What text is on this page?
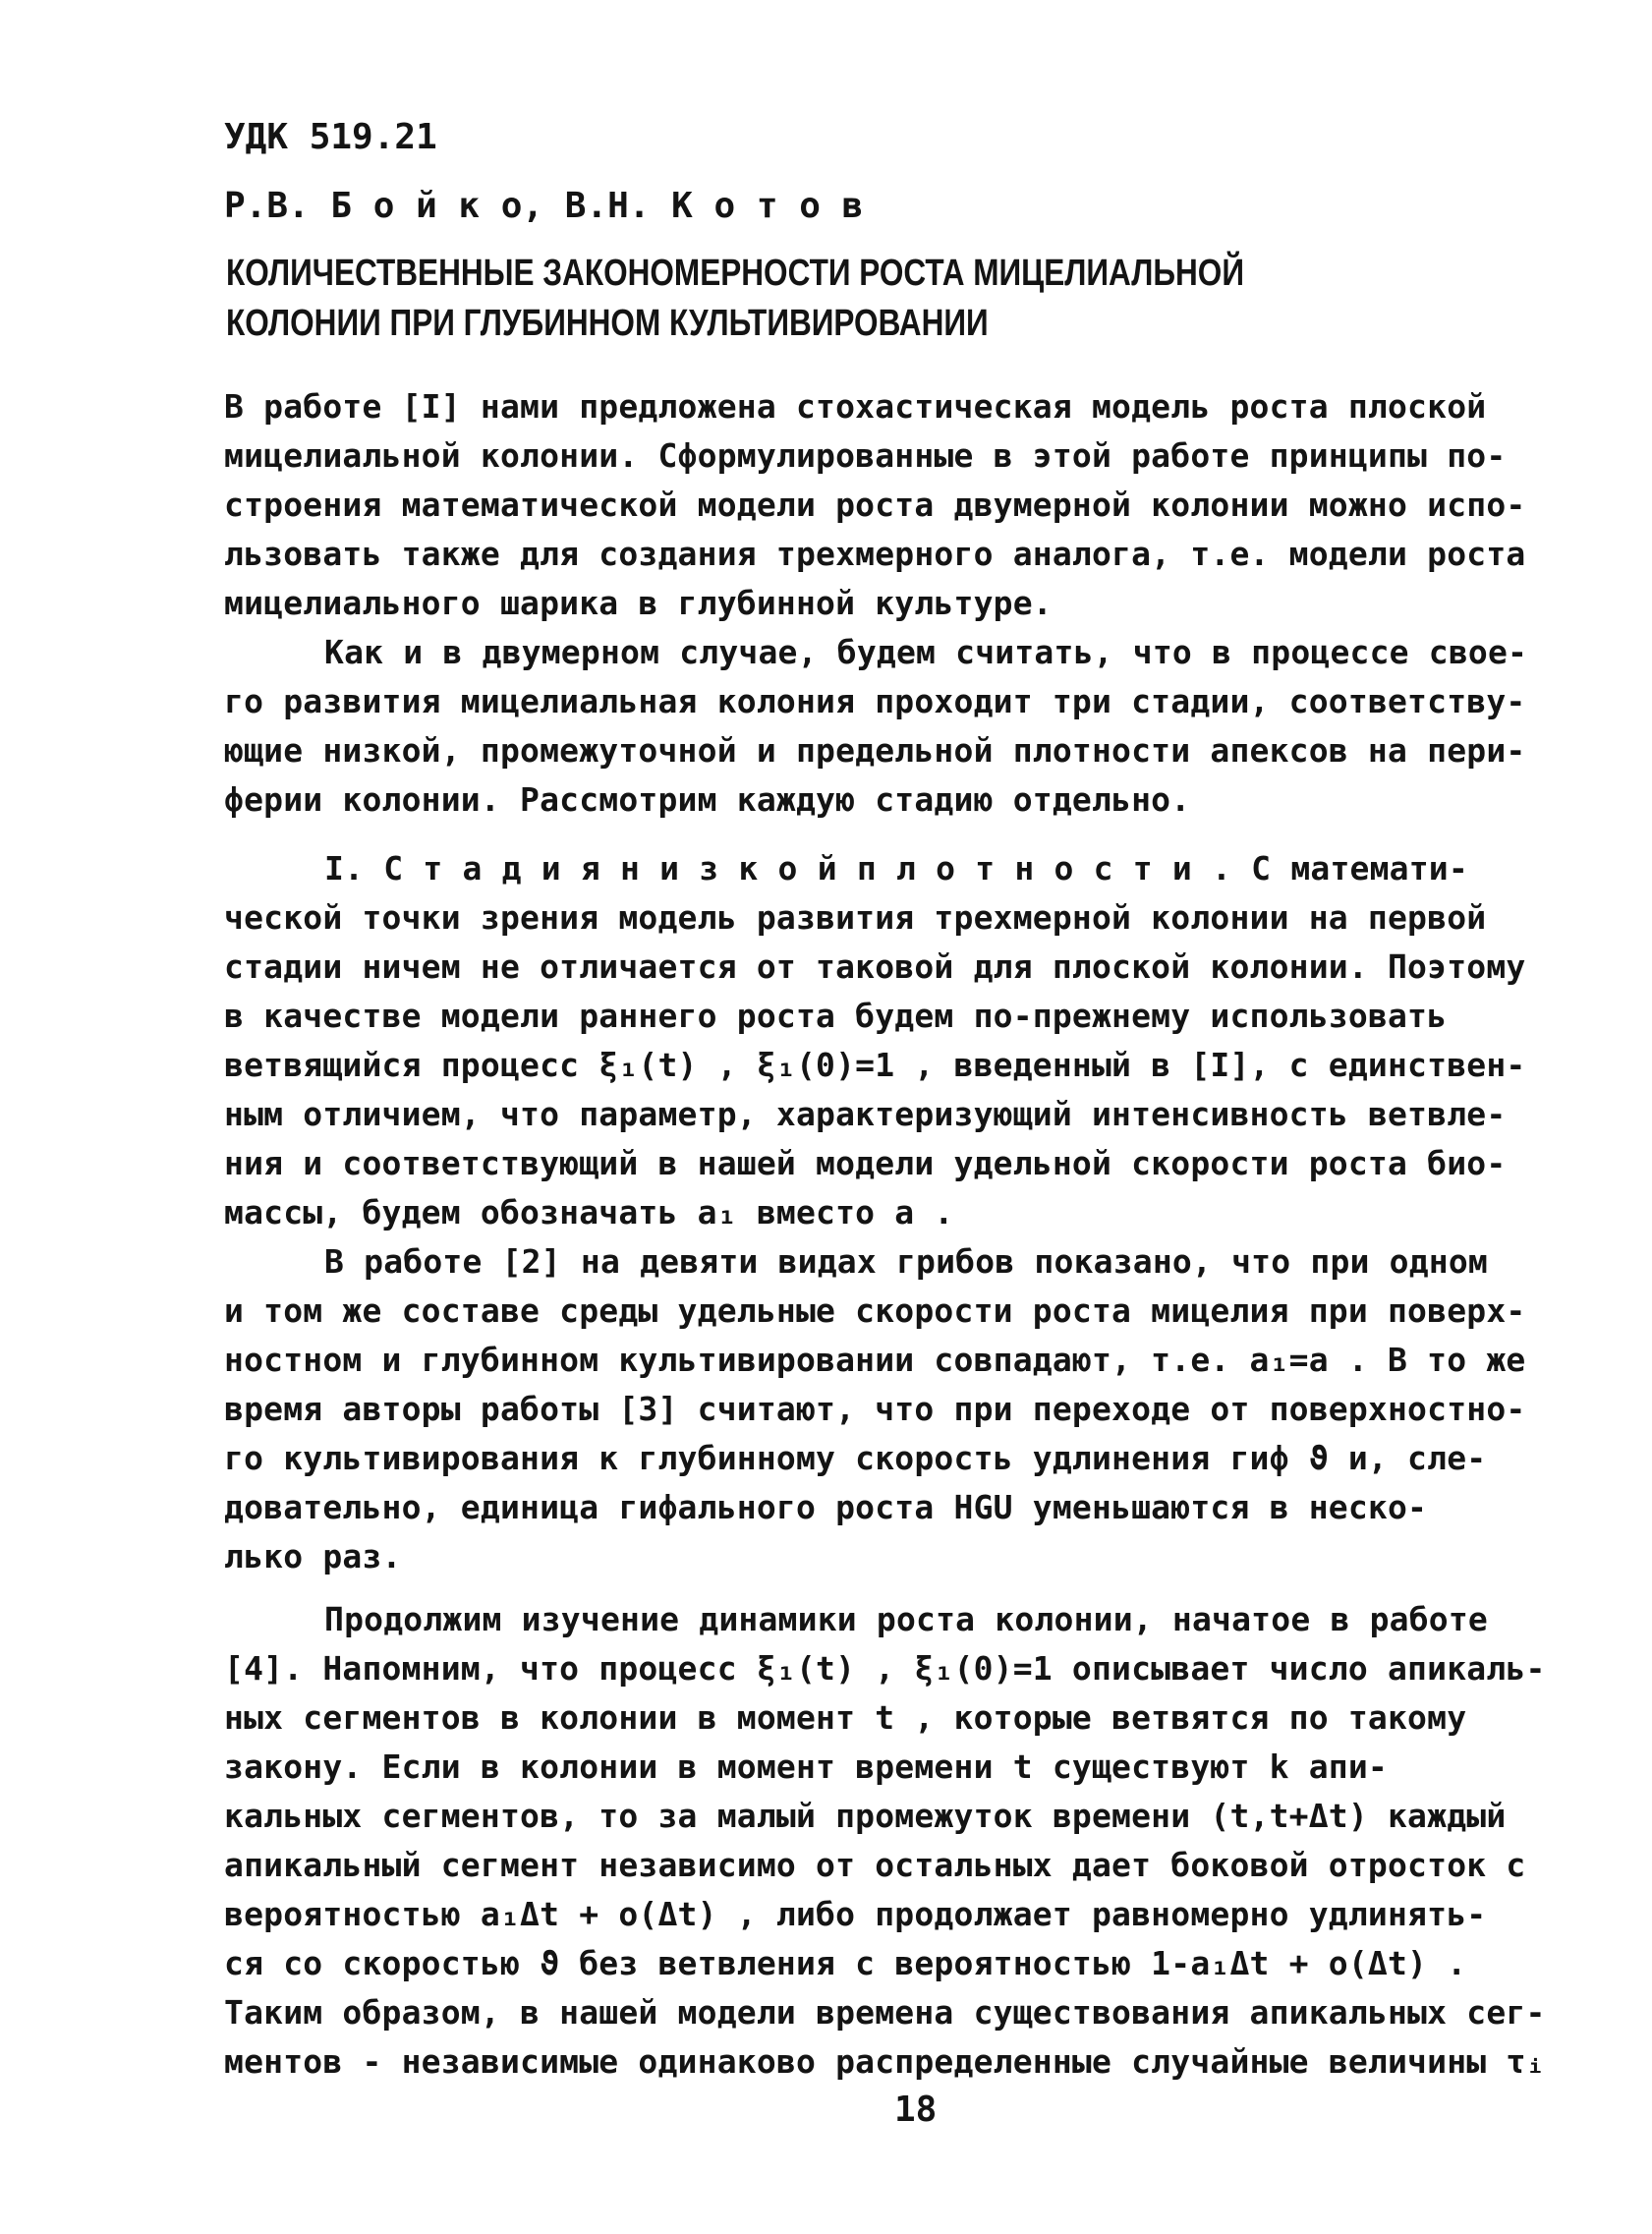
УДК 519.21
Р.В. Б о й к о, В.Н. К о т о в
КОЛИЧЕСТВЕННЫЕ ЗАКОНОМЕРНОСТИ РОСТА МИЦЕЛИАЛЬНОЙ
КОЛОНИИ ПРИ ГЛУБИННОМ КУЛЬТИВИРОВАНИИ
В работе [I] нами предложена стохастическая модель роста плоской
мицелиальной колонии. Сформулированные в этой работе принципы по-
строения математической модели роста двумерной колонии можно испо-
льзовать также для создания трехмерного аналога, т.е. модели роста
мицелиального шарика в глубинной культуре.
Как и в двумерном случае, будем считать, что в процессе свое-
го развития мицелиальная колония проходит три стадии, соответству-
ющие низкой, промежуточной и предельной плотности апексов на пери-
ферии колонии. Рассмотрим каждую стадию отдельно.
I. С т а д и я н и з к о й п л о т н о с т и . С математи-
ческой точки зрения модель развития трехмерной колонии на первой
стадии ничем не отличается от таковой для плоской колонии. Поэтому
в качестве модели раннего роста будем по-прежнему использовать
ветвящийся процесс ξ₁(t) , ξ₁(0)=1 , введенный в [I], с единствен-
ным отличием, что параметр, характеризующий интенсивность ветвле-
ния и соответствующий в нашей модели удельной скорости роста био-
массы, будем обозначать a₁ вместо a .
В работе [2] на девяти видах грибов показано, что при одном
и том же составе среды удельные скорости роста мицелия при поверх-
ностном и глубинном культивировании совпадают, т.е. a₁=a . В то же
время авторы работы [3] считают, что при переходе от поверхностно-
го культивирования к глубинному скорость удлинения гиф ϑ и, сле-
довательно, единица гифального роста HGU уменьшаются в неско-
лько раз.
Продолжим изучение динамики роста колонии, начатое в работе
[4]. Напомним, что процесс ξ₁(t) , ξ₁(0)=1 описывает число апикаль-
ных сегментов в колонии в момент t , которые ветвятся по такому
закону. Если в колонии в момент времени t существуют k апи-
кальных сегментов, то за малый промежуток времени (t,t+Δt) каждый
апикальный сегмент независимо от остальных дает боковой отросток с
вероятностью a₁Δt + o(Δt) , либо продолжает равномерно удлинять-
ся со скоростью ϑ без ветвления с вероятностью 1-a₁Δt + o(Δt) .
Таким образом, в нашей модели времена существования апикальных сег-
ментов - независимые одинаково распределенные случайные величины τᵢ
18
